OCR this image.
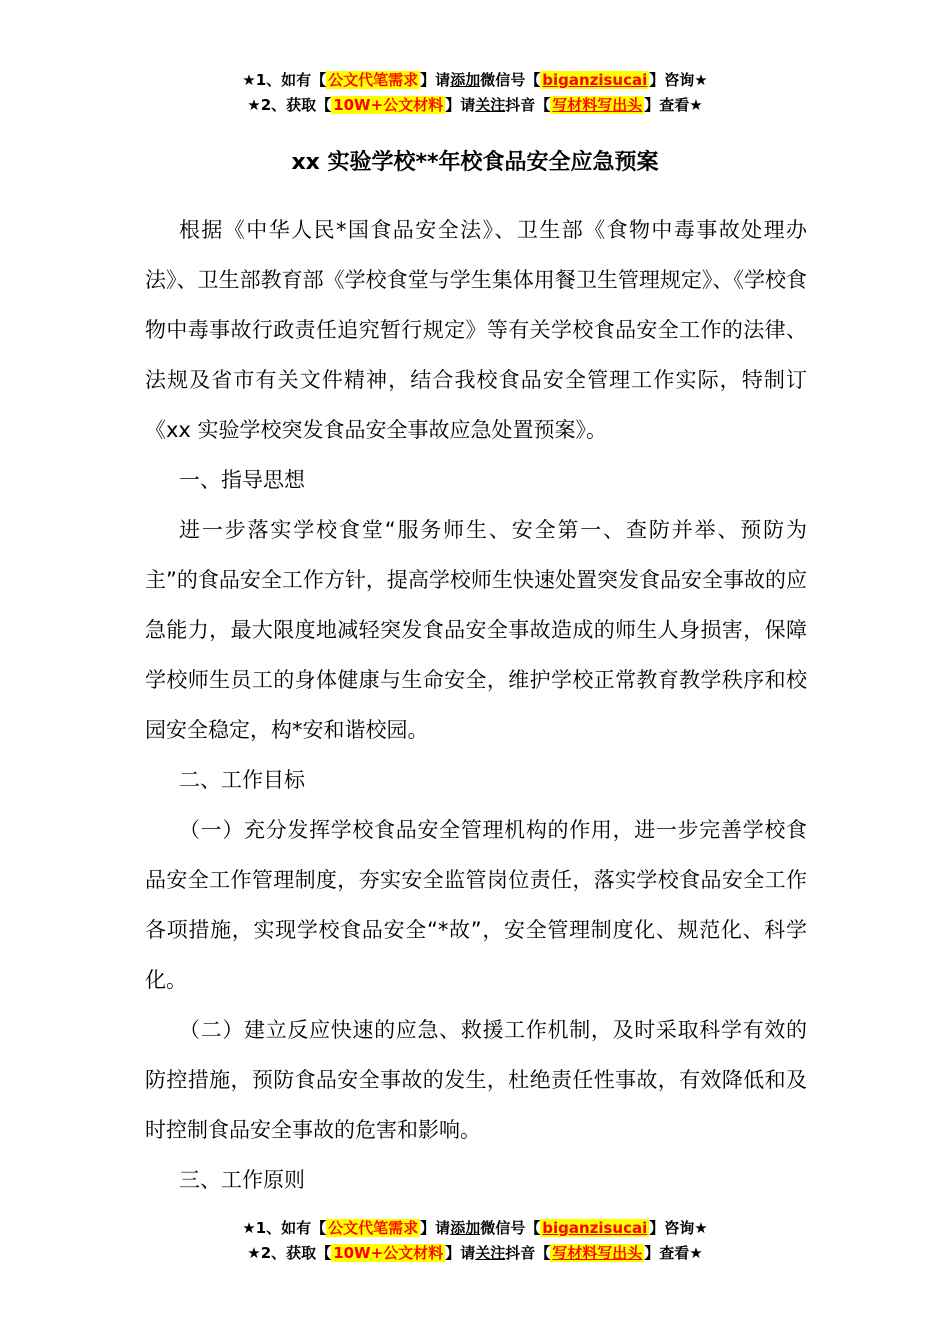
★1、如有【 公文代笔需求 】请添加微信号【 biganzisucai 】咨询★
★2、获取【 10W+公文材料 】请关注抖音【 写材料写出头 】查看★
xx 实验学校**年校食品安全应急预案

根据《中华人民*国食品安全法》、卫生部《食物中毒事故处理办法》、卫生部教育部《学校食堂与学生集体用餐卫生管理规定》、《学校食物中毒事故行政责任追究暂行规定》等有关学校食品安全工作的法律、法规及省市有关文件精神，结合我校食品安全管理工作实际，特制订《xx 实验学校突发食品安全事故应急处置预案》。

一、指导思想

进一步落实学校食堂“服务师生、安全第一、查防并举、预防为主”的食品安全工作方针，提高学校师生快速处置突发食品安全事故的应急能力，最大限度地减轻突发食品安全事故造成的师生人身损害，保障学校师生员工的身体健康与生命安全，维护学校正常教育教学秩序和校园安全稳定，构*安和谐校园。

二、工作目标

（一）充分发挥学校食品安全管理机构的作用，进一步完善学校食品安全工作管理制度，夯实安全监管岗位责任，落实学校食品安全工作各项措施，实现学校食品安全“*故”，安全管理制度化、规范化、科学化。

（二）建立反应快速的应急、救援工作机制，及时采取科学有效的防控措施，预防食品安全事故的发生，杜绝责任性事故，有效降低和及时控制食品安全事故的危害和影响。

三、工作原则

★1、如有【 公文代笔需求 】请添加微信号【 biganzisucai 】咨询★
★2、获取【 10W+公文材料 】请关注抖音【 写材料写出头 】查看★
